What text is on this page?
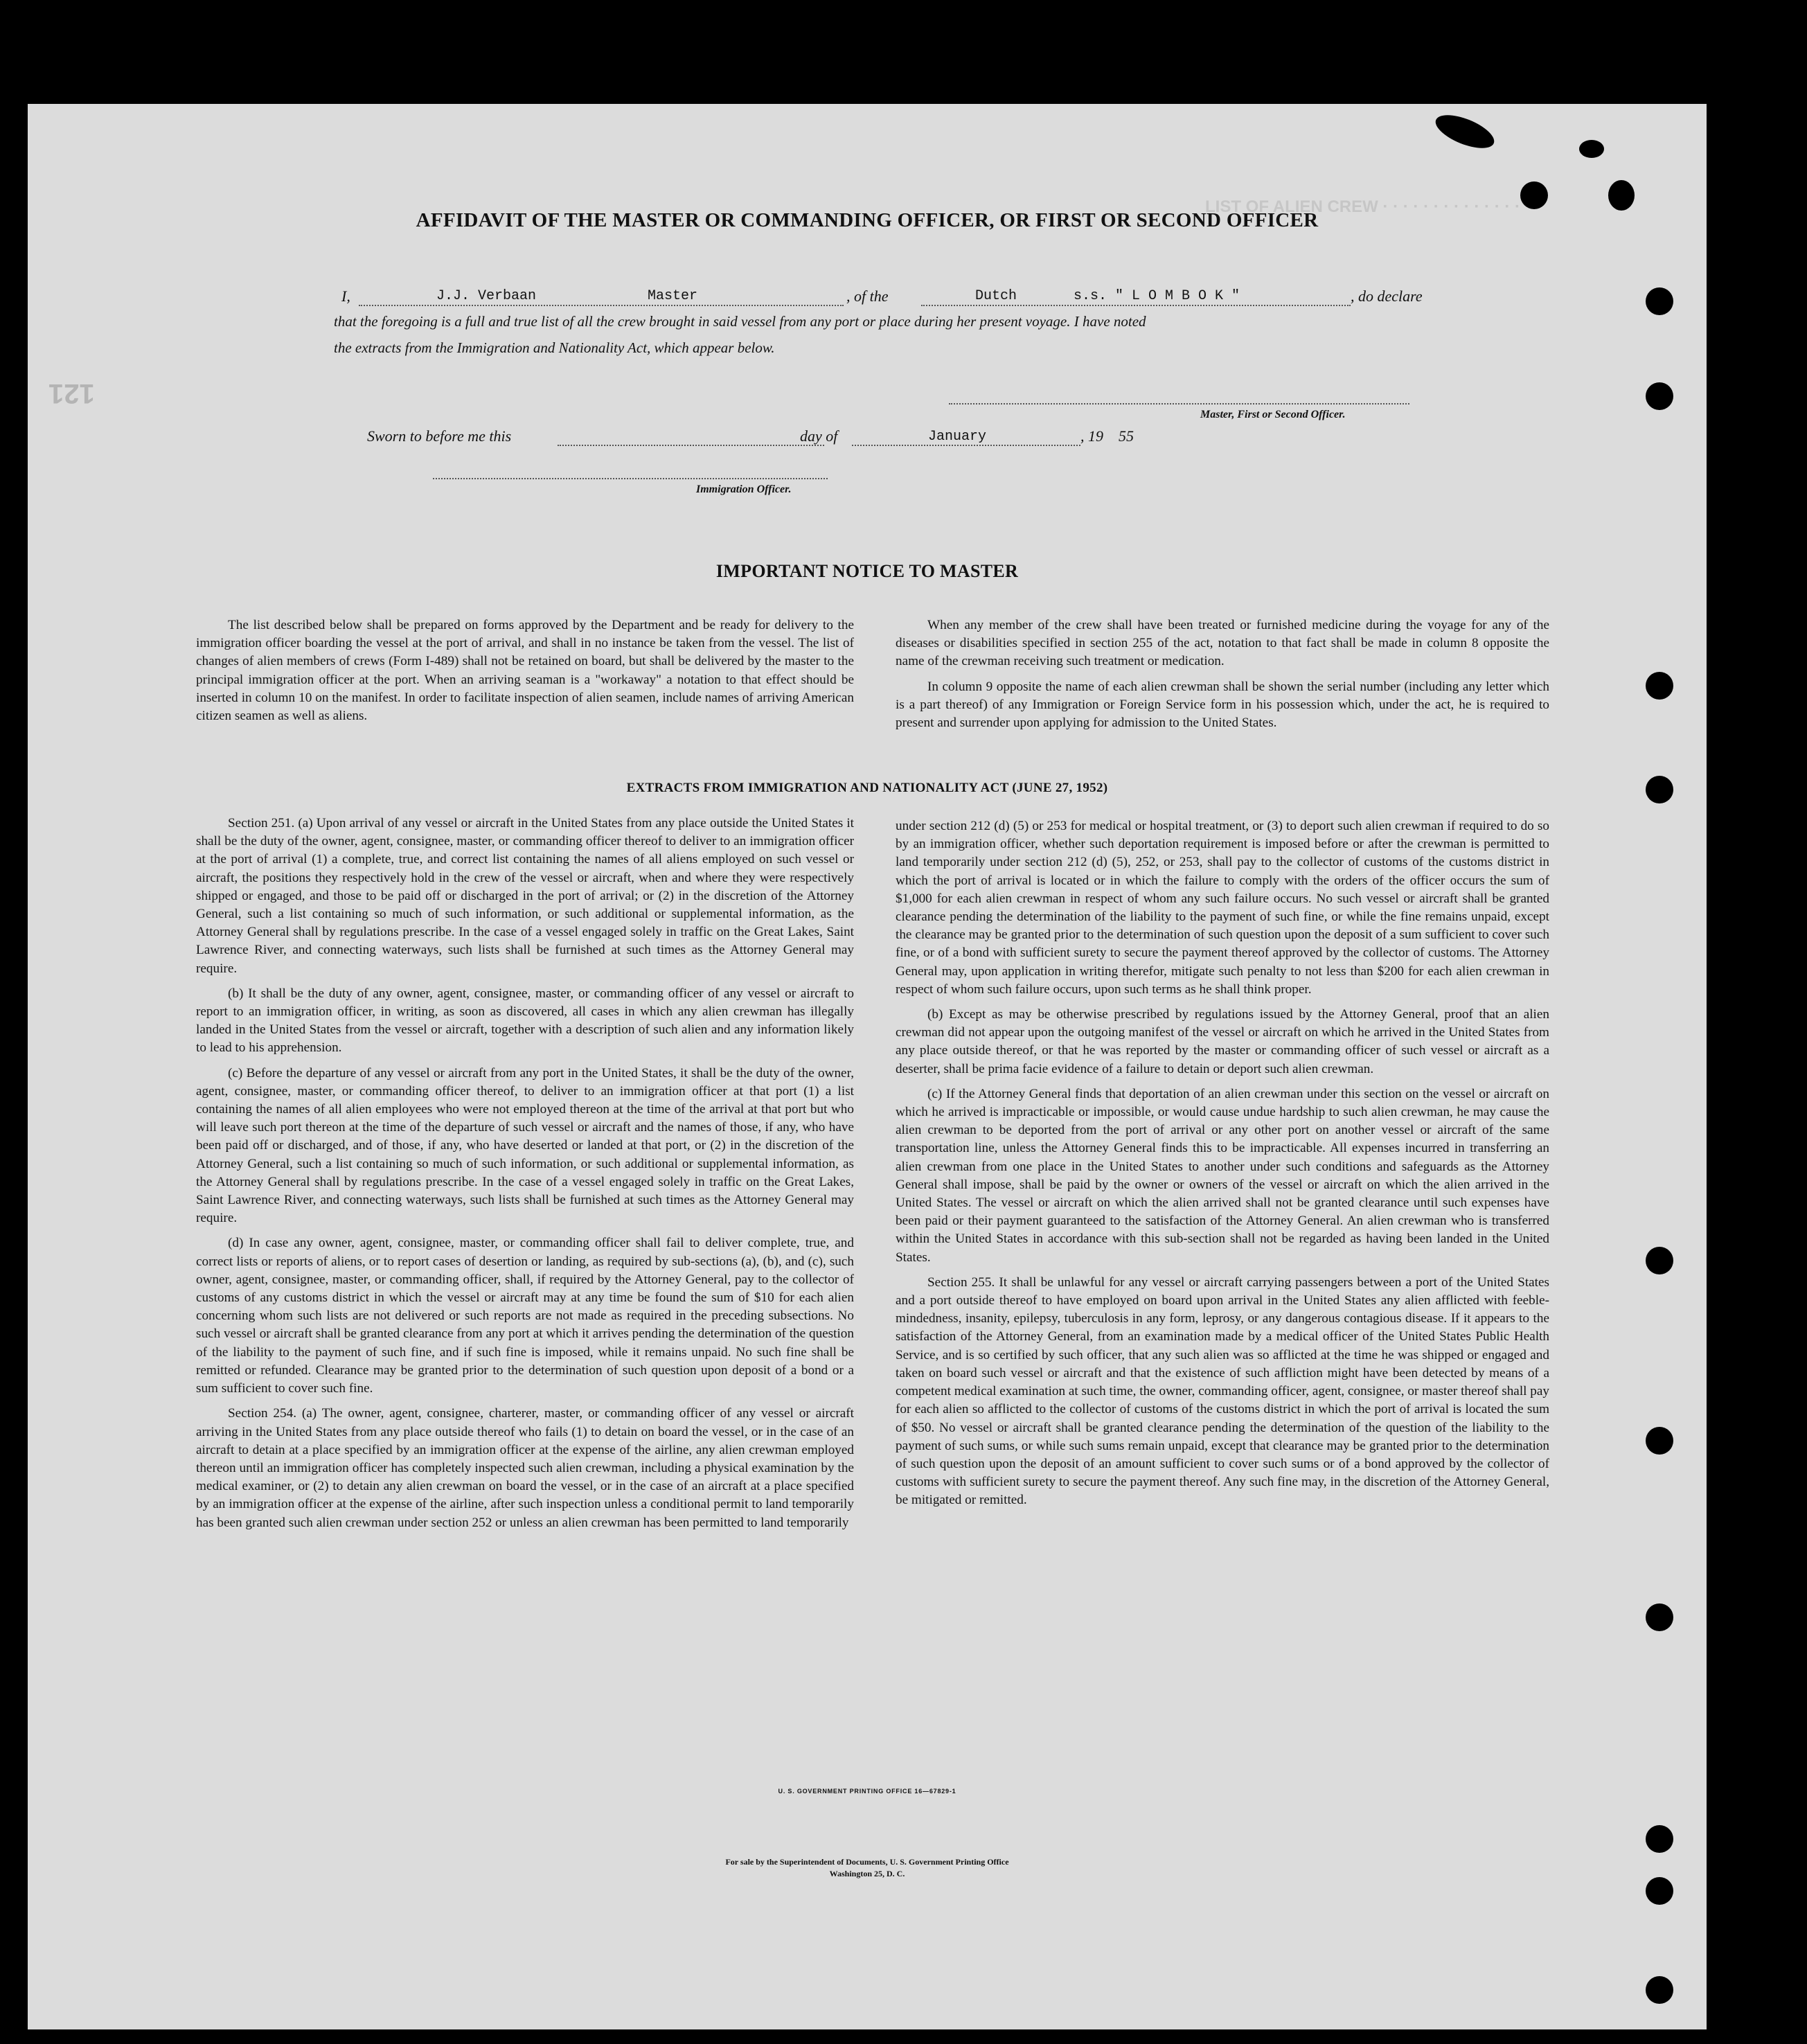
LIST OF ALIEN CREW · · · · · · · · · · · · · ·
121
AFFIDAVIT OF THE MASTER OR COMMANDING OFFICER, OR FIRST OR SECOND OFFICER
I,	J.J. Verbaan	Master	, of the	Dutch	s.s. " L O M B O K "	, do declare
that the foregoing is a full and true list of all the crew brought in said vessel from any port or place during her present voyage. I have noted
the extracts from the Immigration and Nationality Act, which appear below.
Master, First or Second Officer.
Sworn to before me this	day of	January	, 19 55
Immigration Officer.
IMPORTANT NOTICE TO MASTER

The list described below shall be prepared on forms approved by the Department and be ready for delivery to the immigration officer boarding the vessel at the port of arrival, and shall in no instance be taken from the vessel. The list of changes of alien members of crews (Form I-489) shall not be retained on board, but shall be delivered by the master to the principal immigration officer at the port. When an arriving seaman is a "workaway" a notation to that effect should be inserted in column 10 on the manifest. In order to facilitate inspection of alien seamen, include names of arriving American citizen seamen as well as aliens.

When any member of the crew shall have been treated or furnished medicine during the voyage for any of the diseases or disabilities specified in section 255 of the act, notation to that fact shall be made in column 8 opposite the name of the crewman receiving such treatment or medication.

In column 9 opposite the name of each alien crewman shall be shown the serial number (including any letter which is a part thereof) of any Immigration or Foreign Service form in his possession which, under the act, he is required to present and surrender upon applying for admission to the United States.

EXTRACTS FROM IMMIGRATION AND NATIONALITY ACT (JUNE 27, 1952)

Section 251. (a) Upon arrival of any vessel or aircraft in the United States from any place outside the United States it shall be the duty of the owner, agent, consignee, master, or commanding officer thereof to deliver to an immigration officer at the port of arrival (1) a complete, true, and correct list containing the names of all aliens employed on such vessel or aircraft, the positions they respectively hold in the crew of the vessel or aircraft, when and where they were respectively shipped or engaged, and those to be paid off or discharged in the port of arrival; or (2) in the discretion of the Attorney General, such a list containing so much of such information, or such additional or supplemental information, as the Attorney General shall by regulations prescribe. In the case of a vessel engaged solely in traffic on the Great Lakes, Saint Lawrence River, and connecting waterways, such lists shall be furnished at such times as the Attorney General may require.

(b) It shall be the duty of any owner, agent, consignee, master, or commanding officer of any vessel or aircraft to report to an immigration officer, in writing, as soon as discovered, all cases in which any alien crewman has illegally landed in the United States from the vessel or aircraft, together with a description of such alien and any information likely to lead to his apprehension.

(c) Before the departure of any vessel or aircraft from any port in the United States, it shall be the duty of the owner, agent, consignee, master, or commanding officer thereof, to deliver to an immigration officer at that port (1) a list containing the names of all alien employees who were not employed thereon at the time of the arrival at that port but who will leave such port thereon at the time of the departure of such vessel or aircraft and the names of those, if any, who have been paid off or discharged, and of those, if any, who have deserted or landed at that port, or (2) in the discretion of the Attorney General, such a list containing so much of such information, or such additional or supplemental information, as the Attorney General shall by regulations prescribe. In the case of a vessel engaged solely in traffic on the Great Lakes, Saint Lawrence River, and connecting waterways, such lists shall be furnished at such times as the Attorney General may require.

(d) In case any owner, agent, consignee, master, or commanding officer shall fail to deliver complete, true, and correct lists or reports of aliens, or to report cases of desertion or landing, as required by sub-sections (a), (b), and (c), such owner, agent, consignee, master, or commanding officer, shall, if required by the Attorney General, pay to the collector of customs of any customs district in which the vessel or aircraft may at any time be found the sum of $10 for each alien concerning whom such lists are not delivered or such reports are not made as required in the preceding subsections. No such vessel or aircraft shall be granted clearance from any port at which it arrives pending the determination of the question of the liability to the payment of such fine, and if such fine is imposed, while it remains unpaid. No such fine shall be remitted or refunded. Clearance may be granted prior to the determination of such question upon deposit of a bond or a sum sufficient to cover such fine.

Section 254. (a) The owner, agent, consignee, charterer, master, or commanding officer of any vessel or aircraft arriving in the United States from any place outside thereof who fails (1) to detain on board the vessel, or in the case of an aircraft to detain at a place specified by an immigration officer at the expense of the airline, any alien crewman employed thereon until an immigration officer has completely inspected such alien crewman, including a physical examination by the medical examiner, or (2) to detain any alien crewman on board the vessel, or in the case of an aircraft at a place specified by an immigration officer at the expense of the airline, after such inspection unless a conditional permit to land temporarily has been granted such alien crewman under section 252 or unless an alien crewman has been permitted to land temporarily

under section 212 (d) (5) or 253 for medical or hospital treatment, or (3) to deport such alien crewman if required to do so by an immigration officer, whether such deportation requirement is imposed before or after the crewman is permitted to land temporarily under section 212 (d) (5), 252, or 253, shall pay to the collector of customs of the customs district in which the port of arrival is located or in which the failure to comply with the orders of the officer occurs the sum of $1,000 for each alien crewman in respect of whom any such failure occurs. No such vessel or aircraft shall be granted clearance pending the determination of the liability to the payment of such fine, or while the fine remains unpaid, except the clearance may be granted prior to the determination of such question upon the deposit of a sum sufficient to cover such fine, or of a bond with sufficient surety to secure the payment thereof approved by the collector of customs. The Attorney General may, upon application in writing therefor, mitigate such penalty to not less than $200 for each alien crewman in respect of whom such failure occurs, upon such terms as he shall think proper.

(b) Except as may be otherwise prescribed by regulations issued by the Attorney General, proof that an alien crewman did not appear upon the outgoing manifest of the vessel or aircraft on which he arrived in the United States from any place outside thereof, or that he was reported by the master or commanding officer of such vessel or aircraft as a deserter, shall be prima facie evidence of a failure to detain or deport such alien crewman.

(c) If the Attorney General finds that deportation of an alien crewman under this section on the vessel or aircraft on which he arrived is impracticable or impossible, or would cause undue hardship to such alien crewman, he may cause the alien crewman to be deported from the port of arrival or any other port on another vessel or aircraft of the same transportation line, unless the Attorney General finds this to be impracticable. All expenses incurred in transferring an alien crewman from one place in the United States to another under such conditions and safeguards as the Attorney General shall impose, shall be paid by the owner or owners of the vessel or aircraft on which the alien arrived in the United States. The vessel or aircraft on which the alien arrived shall not be granted clearance until such expenses have been paid or their payment guaranteed to the satisfaction of the Attorney General. An alien crewman who is transferred within the United States in accordance with this sub-section shall not be regarded as having been landed in the United States.

Section 255. It shall be unlawful for any vessel or aircraft carrying passengers between a port of the United States and a port outside thereof to have employed on board upon arrival in the United States any alien afflicted with feeble-mindedness, insanity, epilepsy, tuberculosis in any form, leprosy, or any dangerous contagious disease. If it appears to the satisfaction of the Attorney General, from an examination made by a medical officer of the United States Public Health Service, and is so certified by such officer, that any such alien was so afflicted at the time he was shipped or engaged and taken on board such vessel or aircraft and that the existence of such affliction might have been detected by means of a competent medical examination at such time, the owner, commanding officer, agent, consignee, or master thereof shall pay for each alien so afflicted to the collector of customs of the customs district in which the port of arrival is located the sum of $50. No vessel or aircraft shall be granted clearance pending the determination of the question of the liability to the payment of such sums, or while such sums remain unpaid, except that clearance may be granted prior to the determination of such question upon the deposit of an amount sufficient to cover such sums or of a bond approved by the collector of customs with sufficient surety to secure the payment thereof. Any such fine may, in the discretion of the Attorney General, be mitigated or remitted.

U. S. GOVERNMENT PRINTING OFFICE 16—67829-1
For sale by the Superintendent of Documents, U. S. Government Printing Office
Washington 25, D. C.
